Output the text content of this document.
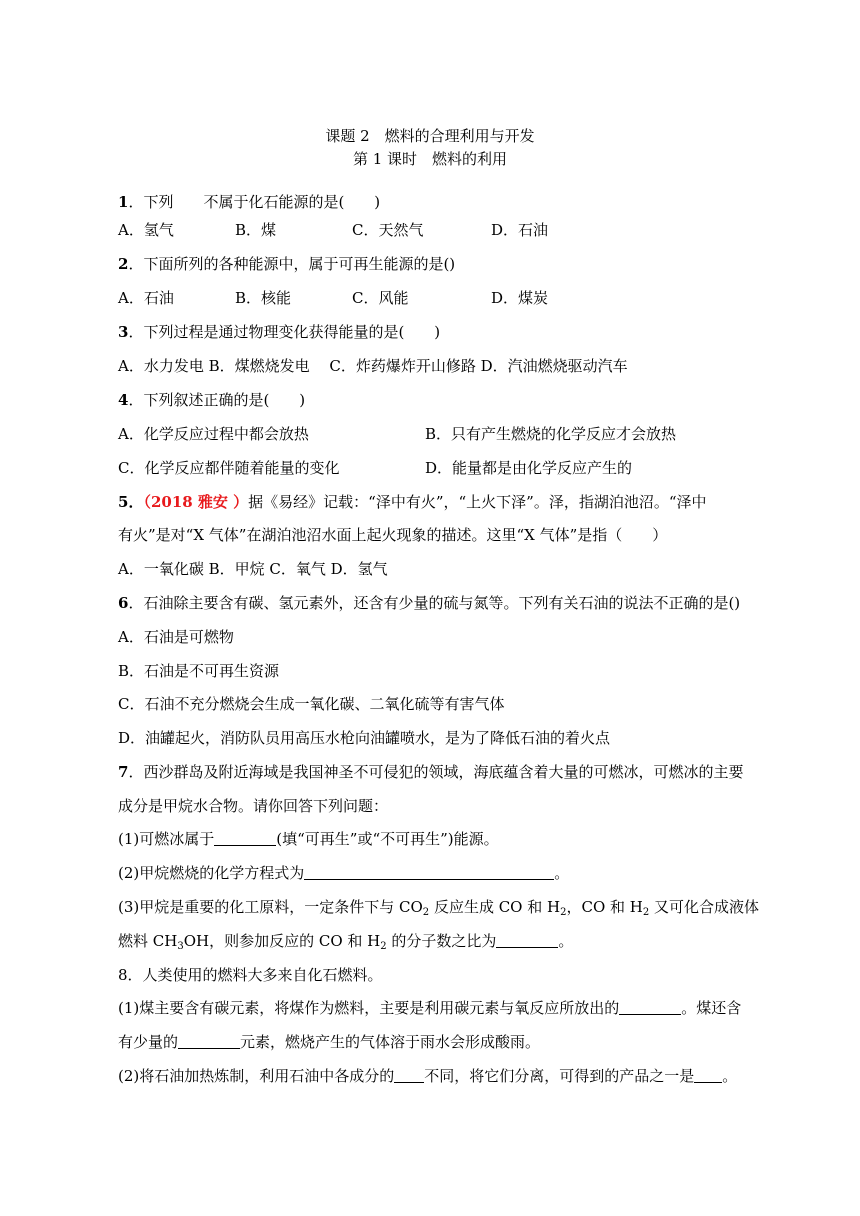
课题 2　燃料的合理利用与开发
第 1 课时　燃料的利用
1．下列　　不属于化石能源的是(　　)
A．氢气	B．煤	C．天然气	D．石油
2．下面所列的各种能源中，属于可再生能源的是()
A．石油	B．核能	C．风能	D．煤炭
3．下列过程是通过物理变化获得能量的是(　　)
A．水力发电 B．煤燃烧发电　 C．炸药爆炸开山修路 D．汽油燃烧驱动汽车
4．下列叙述正确的是(　　)
A．化学反应过程中都会放热	B．只有产生燃烧的化学反应才会放热
C．化学反应都伴随着能量的变化	D．能量都是由化学反应产生的
5．（2018 雅安 ）据《易经》记载：“泽中有火”，“上火下泽”。泽，指湖泊池沼。“泽中
有火”是对“X 气体”在湖泊池沼水面上起火现象的描述。这里“X 气体”是指（　　）
A．一氧化碳 B．甲烷 C．氧气 D．氢气
6．石油除主要含有碳、氢元素外，还含有少量的硫与氮等。下列有关石油的说法不正确的是()
A．石油是可燃物
B．石油是不可再生资源
C．石油不充分燃烧会生成一氧化碳、二氧化硫等有害气体
D．油罐起火，消防队员用高压水枪向油罐喷水，是为了降低石油的着火点
7．西沙群岛及附近海域是我国神圣不可侵犯的领域，海底蕴含着大量的可燃冰，可燃冰的主要
成分是甲烷水合物。请你回答下列问题：
(1)可燃冰属于	(填“可再生”或“不可再生”)能源。
(2)甲烷燃烧的化学方程式为	。
(3)甲烷是重要的化工原料，一定条件下与 $CO_2$ 反应生成 CO 和 $H_2$，CO 和 $H_2$ 又可化合成液体
燃料 $CH_3OH$，则参加反应的 CO 和 $H_2$ 的分子数之比为	。
8．人类使用的燃料大多来自化石燃料。
(1)煤主要含有碳元素，将煤作为燃料，主要是利用碳元素与氧反应所放出的	。煤还含
有少量的	元素，燃烧产生的气体溶于雨水会形成酸雨。
(2)将石油加热炼制，利用石油中各成分的 不同，将它们分离，可得到的产品之一是 。
